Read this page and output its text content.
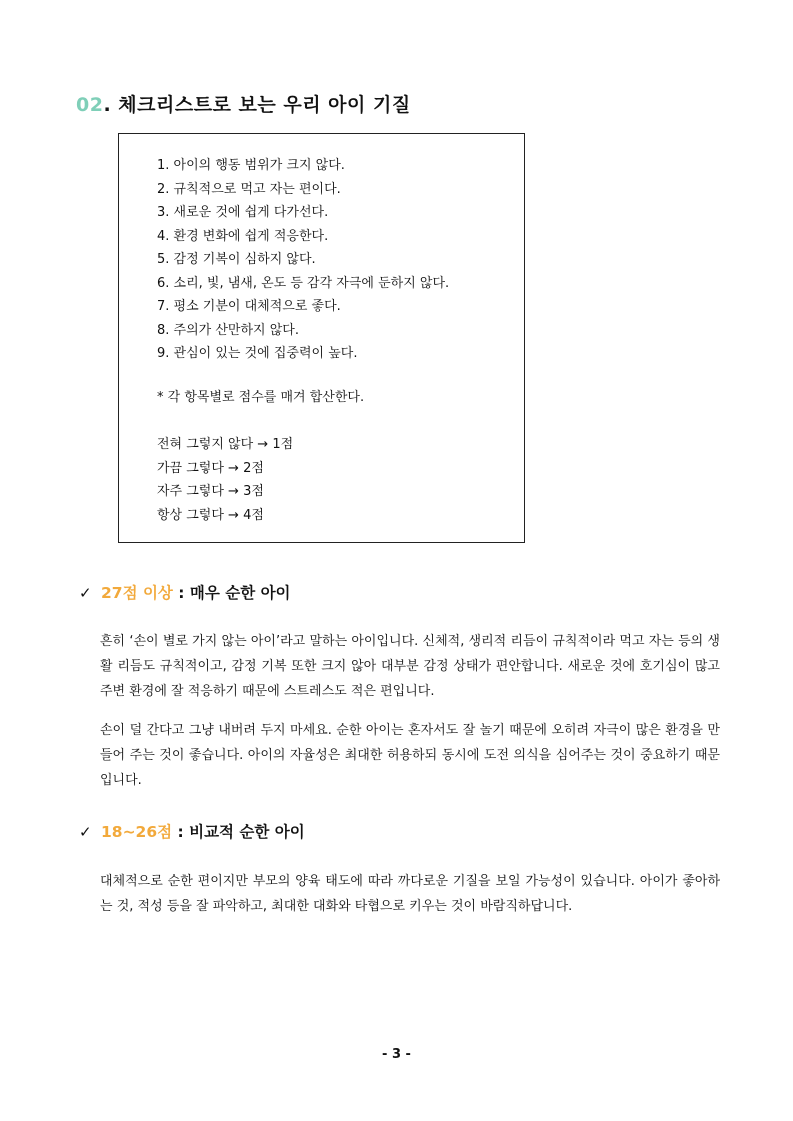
02. 체크리스트로 보는 우리 아이 기질
1. 아이의 행동 범위가 크지 않다.
2. 규칙적으로 먹고 자는 편이다.
3. 새로운 것에 쉽게 다가선다.
4. 환경 변화에 쉽게 적응한다.
5. 감정 기복이 심하지 않다.
6. 소리, 빛, 냄새, 온도 등 감각 자극에 둔하지 않다.
7. 평소 기분이 대체적으로 좋다.
8. 주의가 산만하지 않다.
9. 관심이 있는 것에 집중력이 높다.
* 각 항목별로 점수를 매겨 합산한다.
전혀 그렇지 않다 → 1점
가끔 그렇다 → 2점
자주 그렇다 → 3점
항상 그렇다 → 4점
✓ 27점 이상 : 매우 순한 아이

흔히 ‘손이 별로 가지 않는 아이’라고 말하는 아이입니다. 신체적, 생리적 리듬이 규칙적이라 먹고 자는 등의 생활 리듬도 규칙적이고, 감정 기복 또한 크지 않아 대부분 감정 상태가 편안합니다. 새로운 것에 호기심이 많고 주변 환경에 잘 적응하기 때문에 스트레스도 적은 편입니다.

손이 덜 간다고 그냥 내버려 두지 마세요. 순한 아이는 혼자서도 잘 놀기 때문에 오히려 자극이 많은 환경을 만들어 주는 것이 좋습니다. 아이의 자율성은 최대한 허용하되 동시에 도전 의식을 심어주는 것이 중요하기 때문입니다.

✓ 18~26점 : 비교적 순한 아이

대체적으로 순한 편이지만 부모의 양육 태도에 따라 까다로운 기질을 보일 가능성이 있습니다. 아이가 좋아하는 것, 적성 등을 잘 파악하고, 최대한 대화와 타협으로 키우는 것이 바람직하답니다.

- 3 -
